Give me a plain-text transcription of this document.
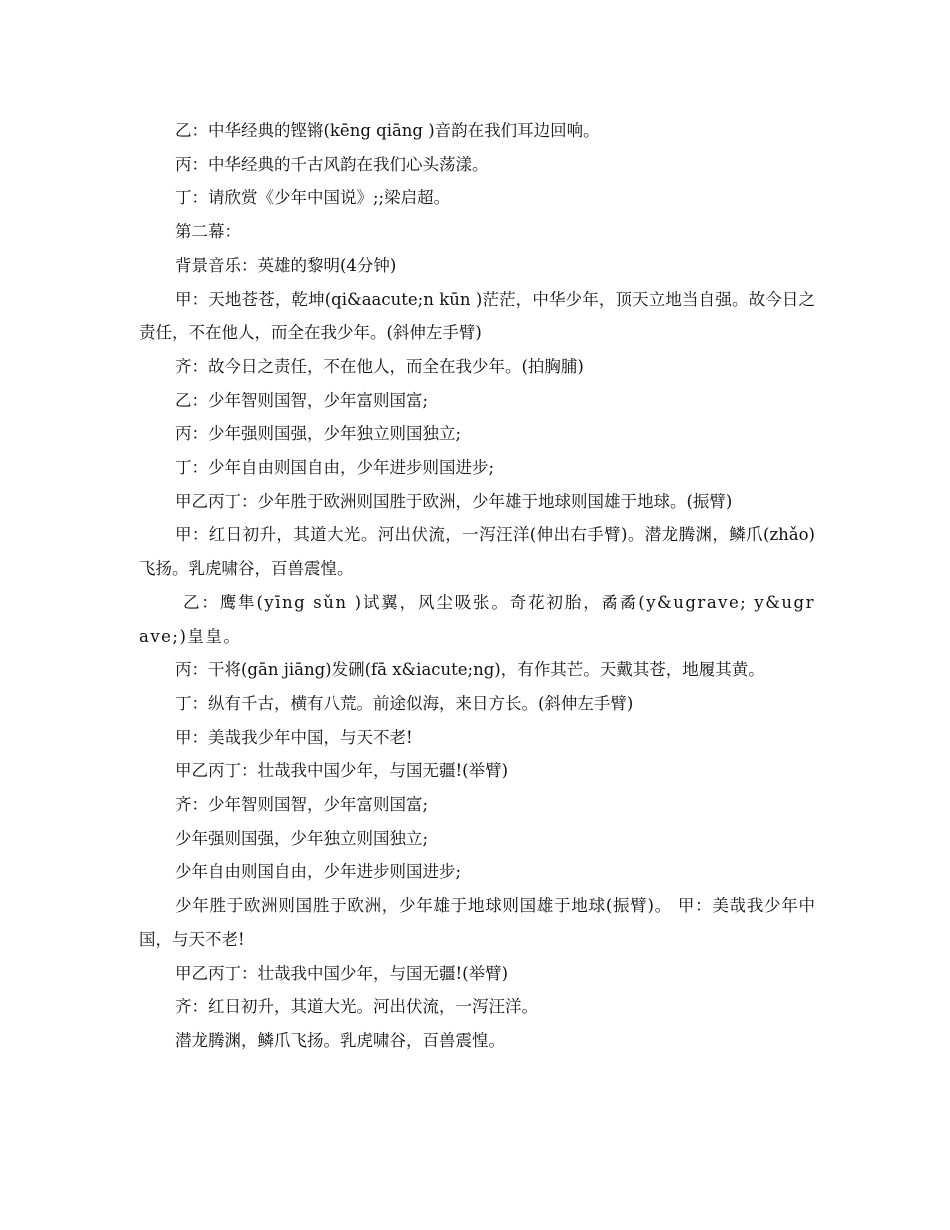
乙：中华经典的铿锵(kēng qiāng )音韵在我们耳边回响。

丙：中华经典的千古风韵在我们心头荡漾。

丁：请欣赏《少年中国说》;;梁启超。

第二幕：

背景音乐：英雄的黎明(4分钟)

甲：天地苍苍，乾坤(qi&aacute;n kūn )茫茫，中华少年，顶天立地当自强。故今日之责任，不在他人，而全在我少年。(斜伸左手臂)

齐：故今日之责任，不在他人，而全在我少年。(拍胸脯)

乙：少年智则国智，少年富则国富;

丙：少年强则国强，少年独立则国独立;

丁：少年自由则国自由，少年进步则国进步;

甲乙丙丁：少年胜于欧洲则国胜于欧洲，少年雄于地球则国雄于地球。(振臂)

甲：红日初升，其道大光。河出伏流，一泻汪洋(伸出右手臂)。潜龙腾渊，鳞爪(zhǎo)飞扬。乳虎啸谷，百兽震惶。

乙：鹰隼(yīng sǔn )试翼，风尘吸张。奇花初胎，矞矞(y&ugrave; y&ugrave;)皇皇。

丙：干将(gān jiāng)发硎(fā x&iacute;ng)，有作其芒。天戴其苍，地履其黄。

丁：纵有千古，横有八荒。前途似海，来日方长。(斜伸左手臂)

甲：美哉我少年中国，与天不老!

甲乙丙丁：壮哉我中国少年，与国无疆!(举臂)

齐：少年智则国智，少年富则国富;

少年强则国强，少年独立则国独立;

少年自由则国自由，少年进步则国进步;

少年胜于欧洲则国胜于欧洲，少年雄于地球则国雄于地球(振臂)。 甲：美哉我少年中国，与天不老!

甲乙丙丁：壮哉我中国少年，与国无疆!(举臂)

齐：红日初升，其道大光。河出伏流，一泻汪洋。

潜龙腾渊，鳞爪飞扬。乳虎啸谷，百兽震惶。
